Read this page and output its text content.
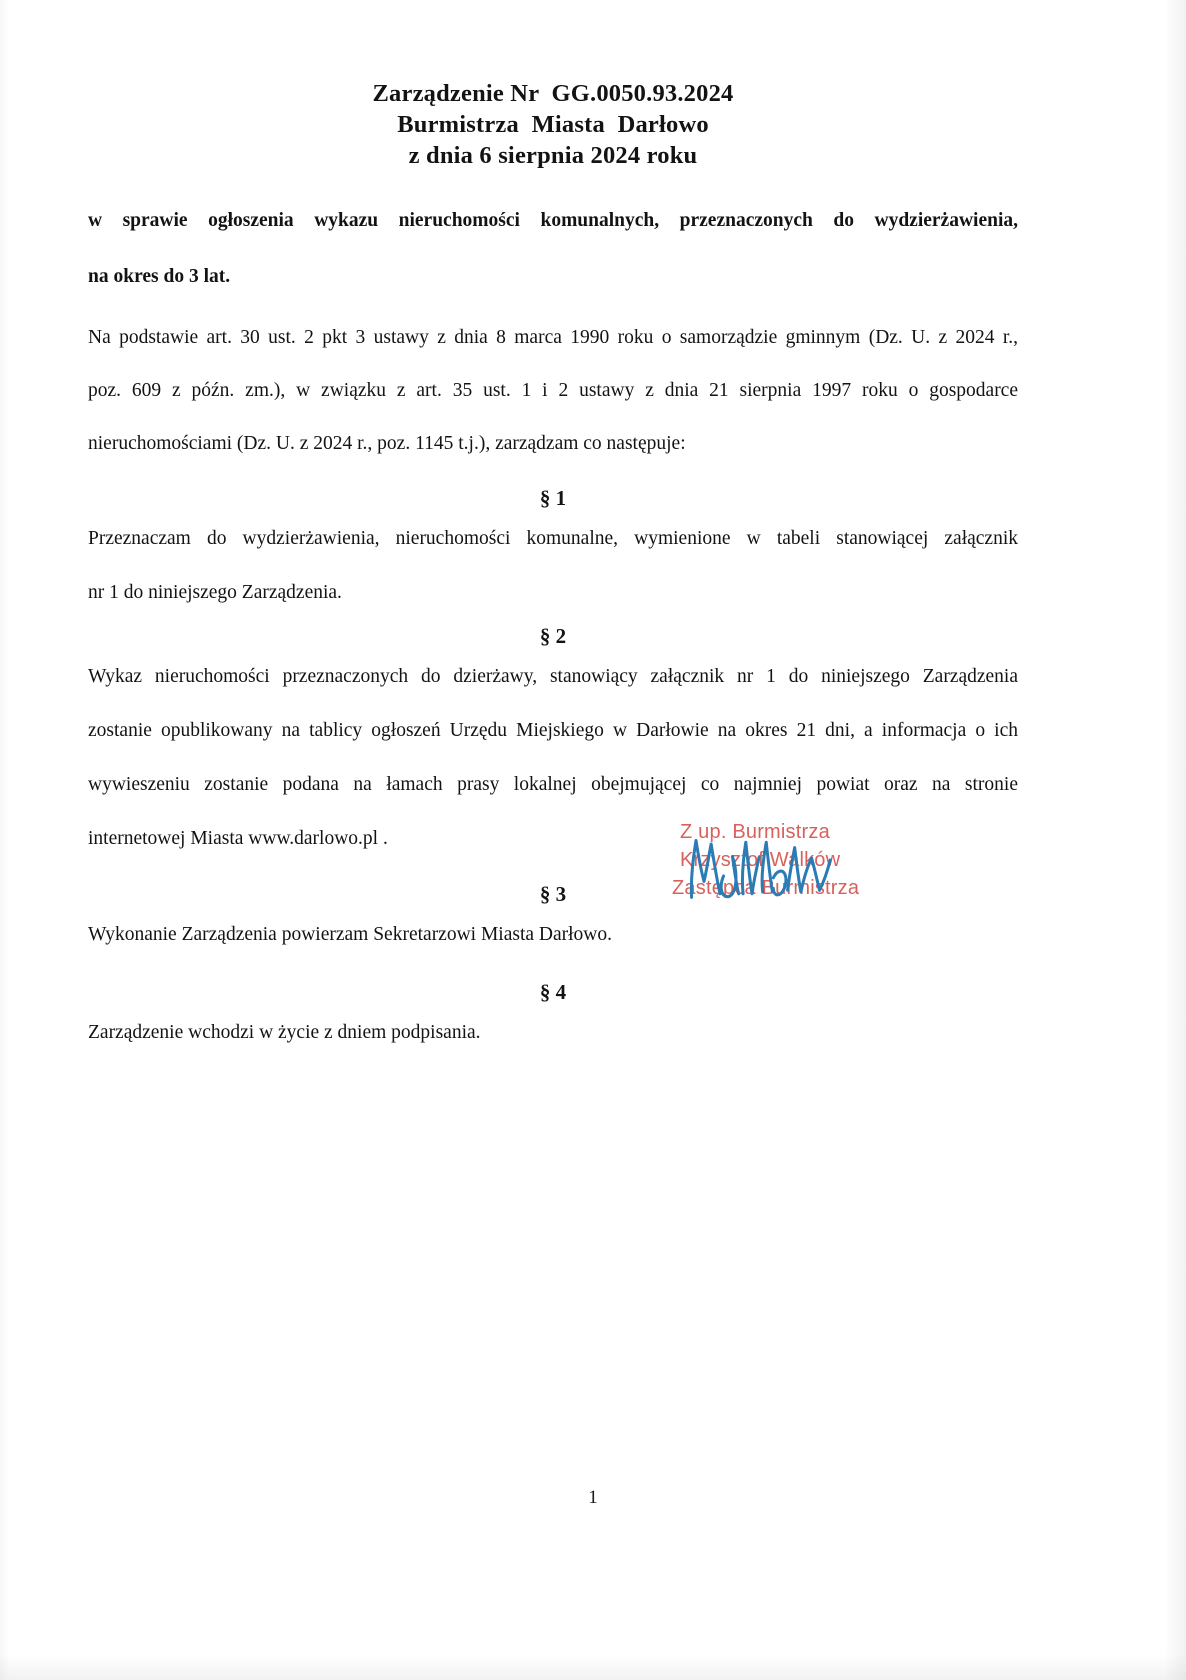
Zarządzenie Nr  GG.0050.93.2024
Burmistrza  Miasta  Darłowo
z dnia 6 sierpnia 2024 roku

w sprawie ogłoszenia wykazu nieruchomości komunalnych, przeznaczonych do wydzierżawienia,
na okres do 3 lat.

Na podstawie art. 30 ust. 2 pkt 3 ustawy z dnia 8 marca 1990 roku o samorządzie gminnym (Dz. U. z 2024 r.,
poz. 609 z późn. zm.), w związku z art. 35 ust. 1 i 2 ustawy z dnia 21 sierpnia 1997 roku o gospodarce
nieruchomościami (Dz. U. z 2024 r., poz. 1145 t.j.), zarządzam co następuje:

§ 1

Przeznaczam do wydzierżawienia, nieruchomości komunalne, wymienione w tabeli stanowiącej załącznik
nr 1 do niniejszego Zarządzenia.

§ 2

Wykaz nieruchomości przeznaczonych do dzierżawy, stanowiący załącznik nr 1 do niniejszego Zarządzenia
zostanie opublikowany na tablicy ogłoszeń Urzędu Miejskiego w Darłowie na okres 21 dni, a informacja o ich
wywieszeniu zostanie podana na łamach prasy lokalnej obejmującej co najmniej powiat oraz na stronie
internetowej Miasta www.darlowo.pl .

§ 3

Wykonanie Zarządzenia powierzam Sekretarzowi Miasta Darłowo.

§ 4

Zarządzenie wchodzi w życie z dniem podpisania.

Z up. Burmistrza
Krzysztof Walków
Zastępca Burmistrza
1
